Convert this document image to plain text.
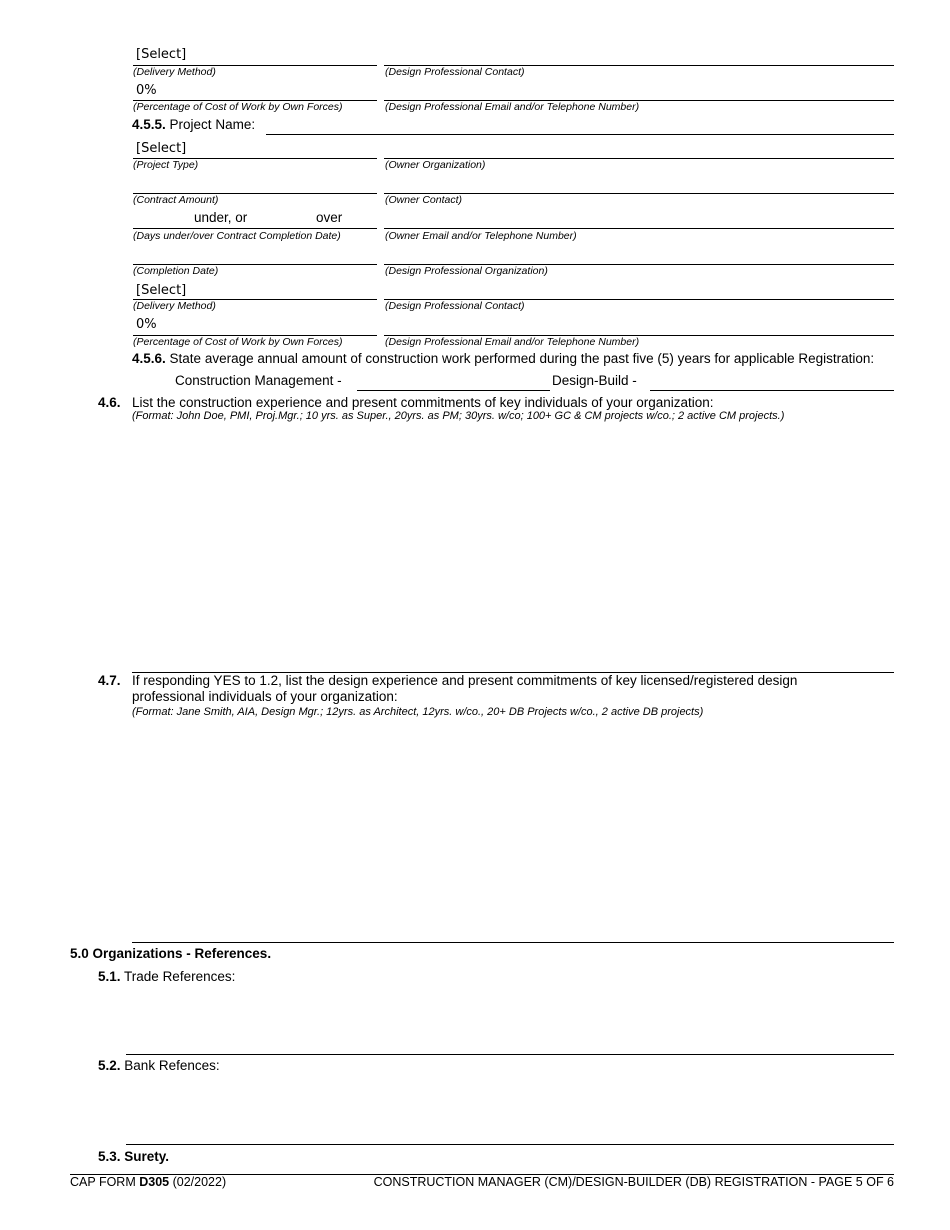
[Select]
(Delivery Method)	(Design Professional Contact)
0%
(Percentage of Cost of Work by Own Forces)	(Design Professional Email and/or Telephone Number)
4.5.5. Project Name:
[Select]
(Project Type)	(Owner Organization)
(Contract Amount)	(Owner Contact)
under, or	over
(Days under/over Contract Completion Date)	(Owner Email and/or Telephone Number)
(Completion Date)	(Design Professional Organization)
[Select]
(Delivery Method)	(Design Professional Contact)
0%
(Percentage of Cost of Work by Own Forces)	(Design Professional Email and/or Telephone Number)
4.5.6. State average annual amount of construction work performed during the past five (5) years for applicable Registration:
Construction Management -	Design-Build -
4.6. List the construction experience and present commitments of key individuals of your organization:
(Format: John Doe, PMI, Proj.Mgr.; 10 yrs. as Super., 20yrs. as PM; 30yrs. w/co; 100+ GC & CM projects w/co.; 2 active CM projects.)
4.7. If responding YES to 1.2, list the design experience and present commitments of key licensed/registered design
professional individuals of your organization:
(Format: Jane Smith, AIA, Design Mgr.; 12yrs. as Architect, 12yrs. w/co., 20+ DB Projects w/co., 2 active DB projects)
5.0 Organizations - References.
5.1. Trade References:
5.2. Bank Refences:
5.3. Surety.
CAP FORM D305 (02/2022)	CONSTRUCTION MANAGER (CM)/DESIGN-BUILDER (DB) REGISTRATION - PAGE 5 OF 6
